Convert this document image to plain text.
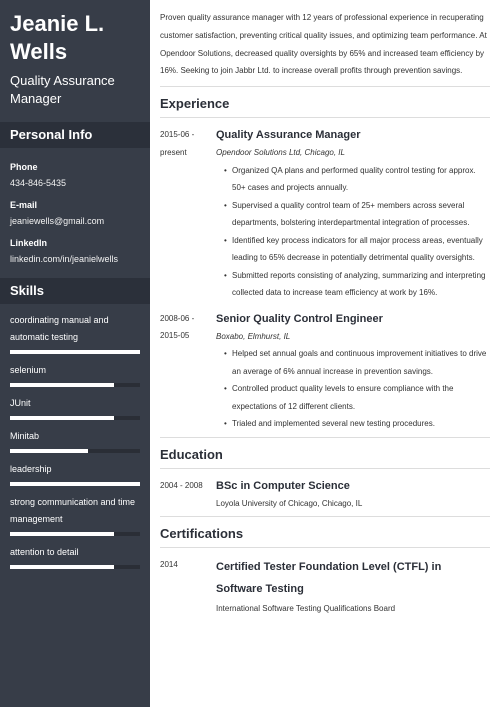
Jeanie L.
Wells
Quality Assurance Manager
Personal Info
Phone
434-846-5435
E-mail
jeaniewells@gmail.com
LinkedIn
linkedin.com/in/jeanielwells
Skills
coordinating manual and automatic testing
selenium
JUnit
Minitab
leadership
strong communication and time management
attention to detail
Proven quality assurance manager with 12 years of professional experience in recuperating customer satisfaction, preventing critical quality issues, and optimizing team performance. At Opendoor Solutions, decreased quality oversights by 65% and increased team efficiency by 16%. Seeking to join Jabbr Ltd. to increase overall profits through prevention savings.
Experience
2015-06 - present
Quality Assurance Manager
Opendoor Solutions Ltd, Chicago, IL
• Organized QA plans and performed quality control testing for approx. 50+ cases and projects annually.
• Supervised a quality control team of 25+ members across several departments, bolstering interdepartmental integration of processes.
• Identified key process indicators for all major process areas, eventually leading to 65% decrease in potentially detrimental quality oversights.
• Submitted reports consisting of analyzing, summarizing and interpreting collected data to increase team efficiency at work by 16%.
2008-06 - 2015-05
Senior Quality Control Engineer
Boxabo, Elmhurst, IL
• Helped set annual goals and continuous improvement initiatives to drive an average of 6% annual increase in prevention savings.
• Controlled product quality levels to ensure compliance with the expectations of 12 different clients.
• Trialed and implemented several new testing procedures.
Education
2004 - 2008	BSc in Computer Science
Loyola University of Chicago, Chicago, IL
Certifications
2014	Certified Tester Foundation Level (CTFL) in Software Testing
International Software Testing Qualifications Board
